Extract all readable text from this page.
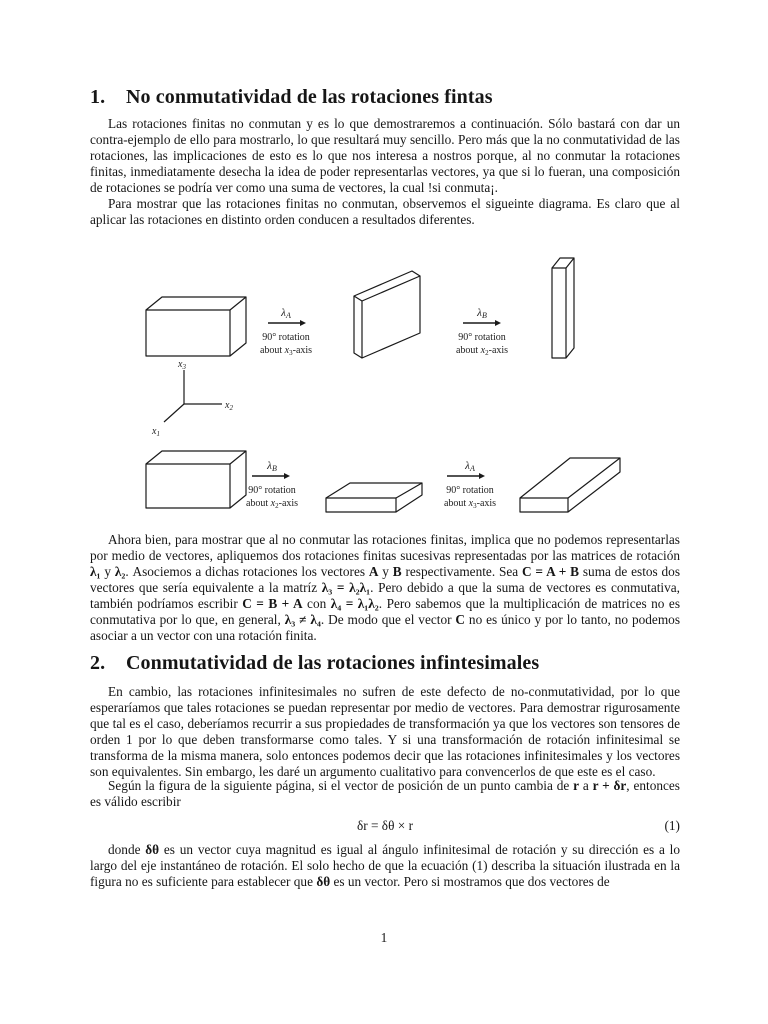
1. No conmutatividad de las rotaciones fintas

Las rotaciones finitas no conmutan y es lo que demostraremos a continuación. Sólo bastará con dar un contra-ejemplo de ello para mostrarlo, lo que resultará muy sencillo. Pero más que la no conmutatividad de las rotaciones, las implicaciones de esto es lo que nos interesa a nostros porque, al no conmutar la rotaciones finitas, inmediatamente desecha la idea de poder representarlas vectores, ya que si lo fueran, una composición de rotaciones se podría ver como una suma de vectores, la cual !si conmuta¡.

Para mostrar que las rotaciones finitas no conmutan, observemos el sigueinte diagrama. Es claro que al aplicar las rotaciones en distinto orden conducen a resultados diferentes.

λA
90° rotation
about $x_3$-axis
λB
90° rotation
about $x_2$-axis
λB
90° rotation
about $x_2$-axis
λA
90° rotation
about $x_3$-axis
$x_3$
$x_2$
$x_1$

Ahora bien, para mostrar que al no conmutar las rotaciones finitas, implica que no podemos representarlas por medio de vectores, apliquemos dos rotaciones finitas sucesivas representadas por las matrices de rotación λ₁ y λ₂. Asociemos a dichas rotaciones los vectores A y B respectivamente. Sea C = A + B suma de estos dos vectores que sería equivalente a la matríz λ₃ = λ₂λ₁. Pero debido a que la suma de vectores es conmutativa, también podríamos escribir C = B + A con λ₄ = λ₁λ₂. Pero sabemos que la multiplicación de matrices no es conmutativa por lo que, en general, λ₃ ≠ λ₄. De modo que el vector C no es único y por lo tanto, no podemos asociar a un vector con una rotación finita.

2. Conmutatividad de las rotaciones infintesimales

En cambio, las rotaciones infinitesimales no sufren de este defecto de no-conmutatividad, por lo que esperaríamos que tales rotaciones se puedan representar por medio de vectores. Para demostrar rigurosamente que tal es el caso, deberíamos recurrir a sus propiedades de transformación ya que los vectores son tensores de orden 1 por lo que deben transformarse como tales. Y si una transformación de rotación infinitesimal se transforma de la misma manera, solo entonces podemos decir que las rotaciones infinitesimales y los vectores son equivalentes. Sin embargo, les daré un argumento cualitativo para convencerlos de que este es el caso.

Según la figura de la siguiente página, si el vector de posición de un punto cambia de r a r + δr, entonces es válido escribir

δr = δθ × r	(1)

donde δθ es un vector cuya magnitud es igual al ángulo infinitesimal de rotación y su dirección es a lo largo del eje instantáneo de rotación. El solo hecho de que la ecuación (1) describa la situación ilustrada en la figura no es suficiente para establecer que δθ es un vector. Pero si mostramos que dos vectores de

1
